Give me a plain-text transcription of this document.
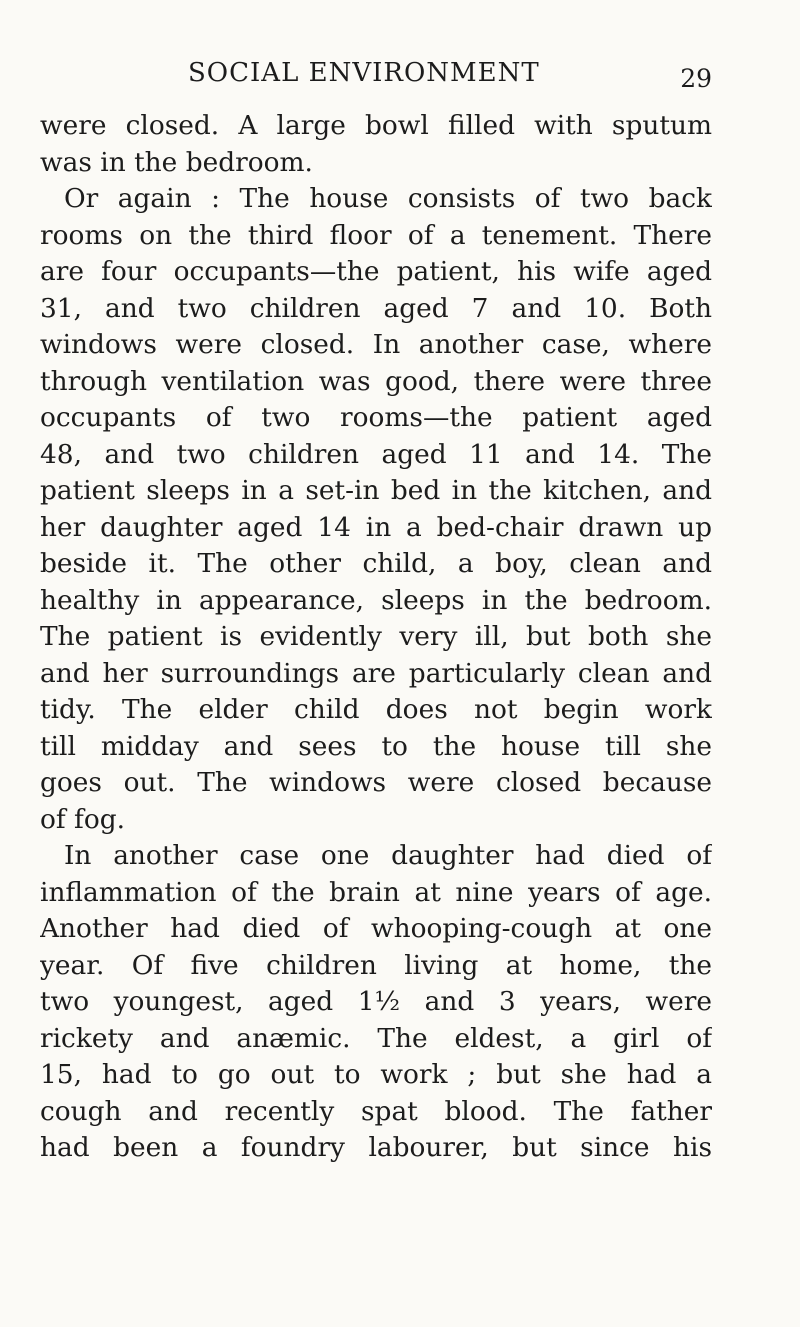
SOCIAL ENVIRONMENT	29
were closed. A large bowl filled with sputum
was in the bedroom.
Or again : The house consists of two back
rooms on the third floor of a tenement. There
are four occupants—the patient, his wife aged
31, and two children aged 7 and 10. Both
windows were closed. In another case, where
through ventilation was good, there were three
occupants of two rooms—the patient aged
48, and two children aged 11 and 14. The
patient sleeps in a set-in bed in the kitchen, and
her daughter aged 14 in a bed-chair drawn up
beside it. The other child, a boy, clean and
healthy in appearance, sleeps in the bedroom.
The patient is evidently very ill, but both she
and her surroundings are particularly clean and
tidy. The elder child does not begin work
till midday and sees to the house till she
goes out. The windows were closed because
of fog.
In another case one daughter had died of
inflammation of the brain at nine years of age.
Another had died of whooping-cough at one
year. Of five children living at home, the
two youngest, aged 1½ and 3 years, were
rickety and anæmic. The eldest, a girl of
15, had to go out to work ; but she had a
cough and recently spat blood. The father
had been a foundry labourer, but since his
